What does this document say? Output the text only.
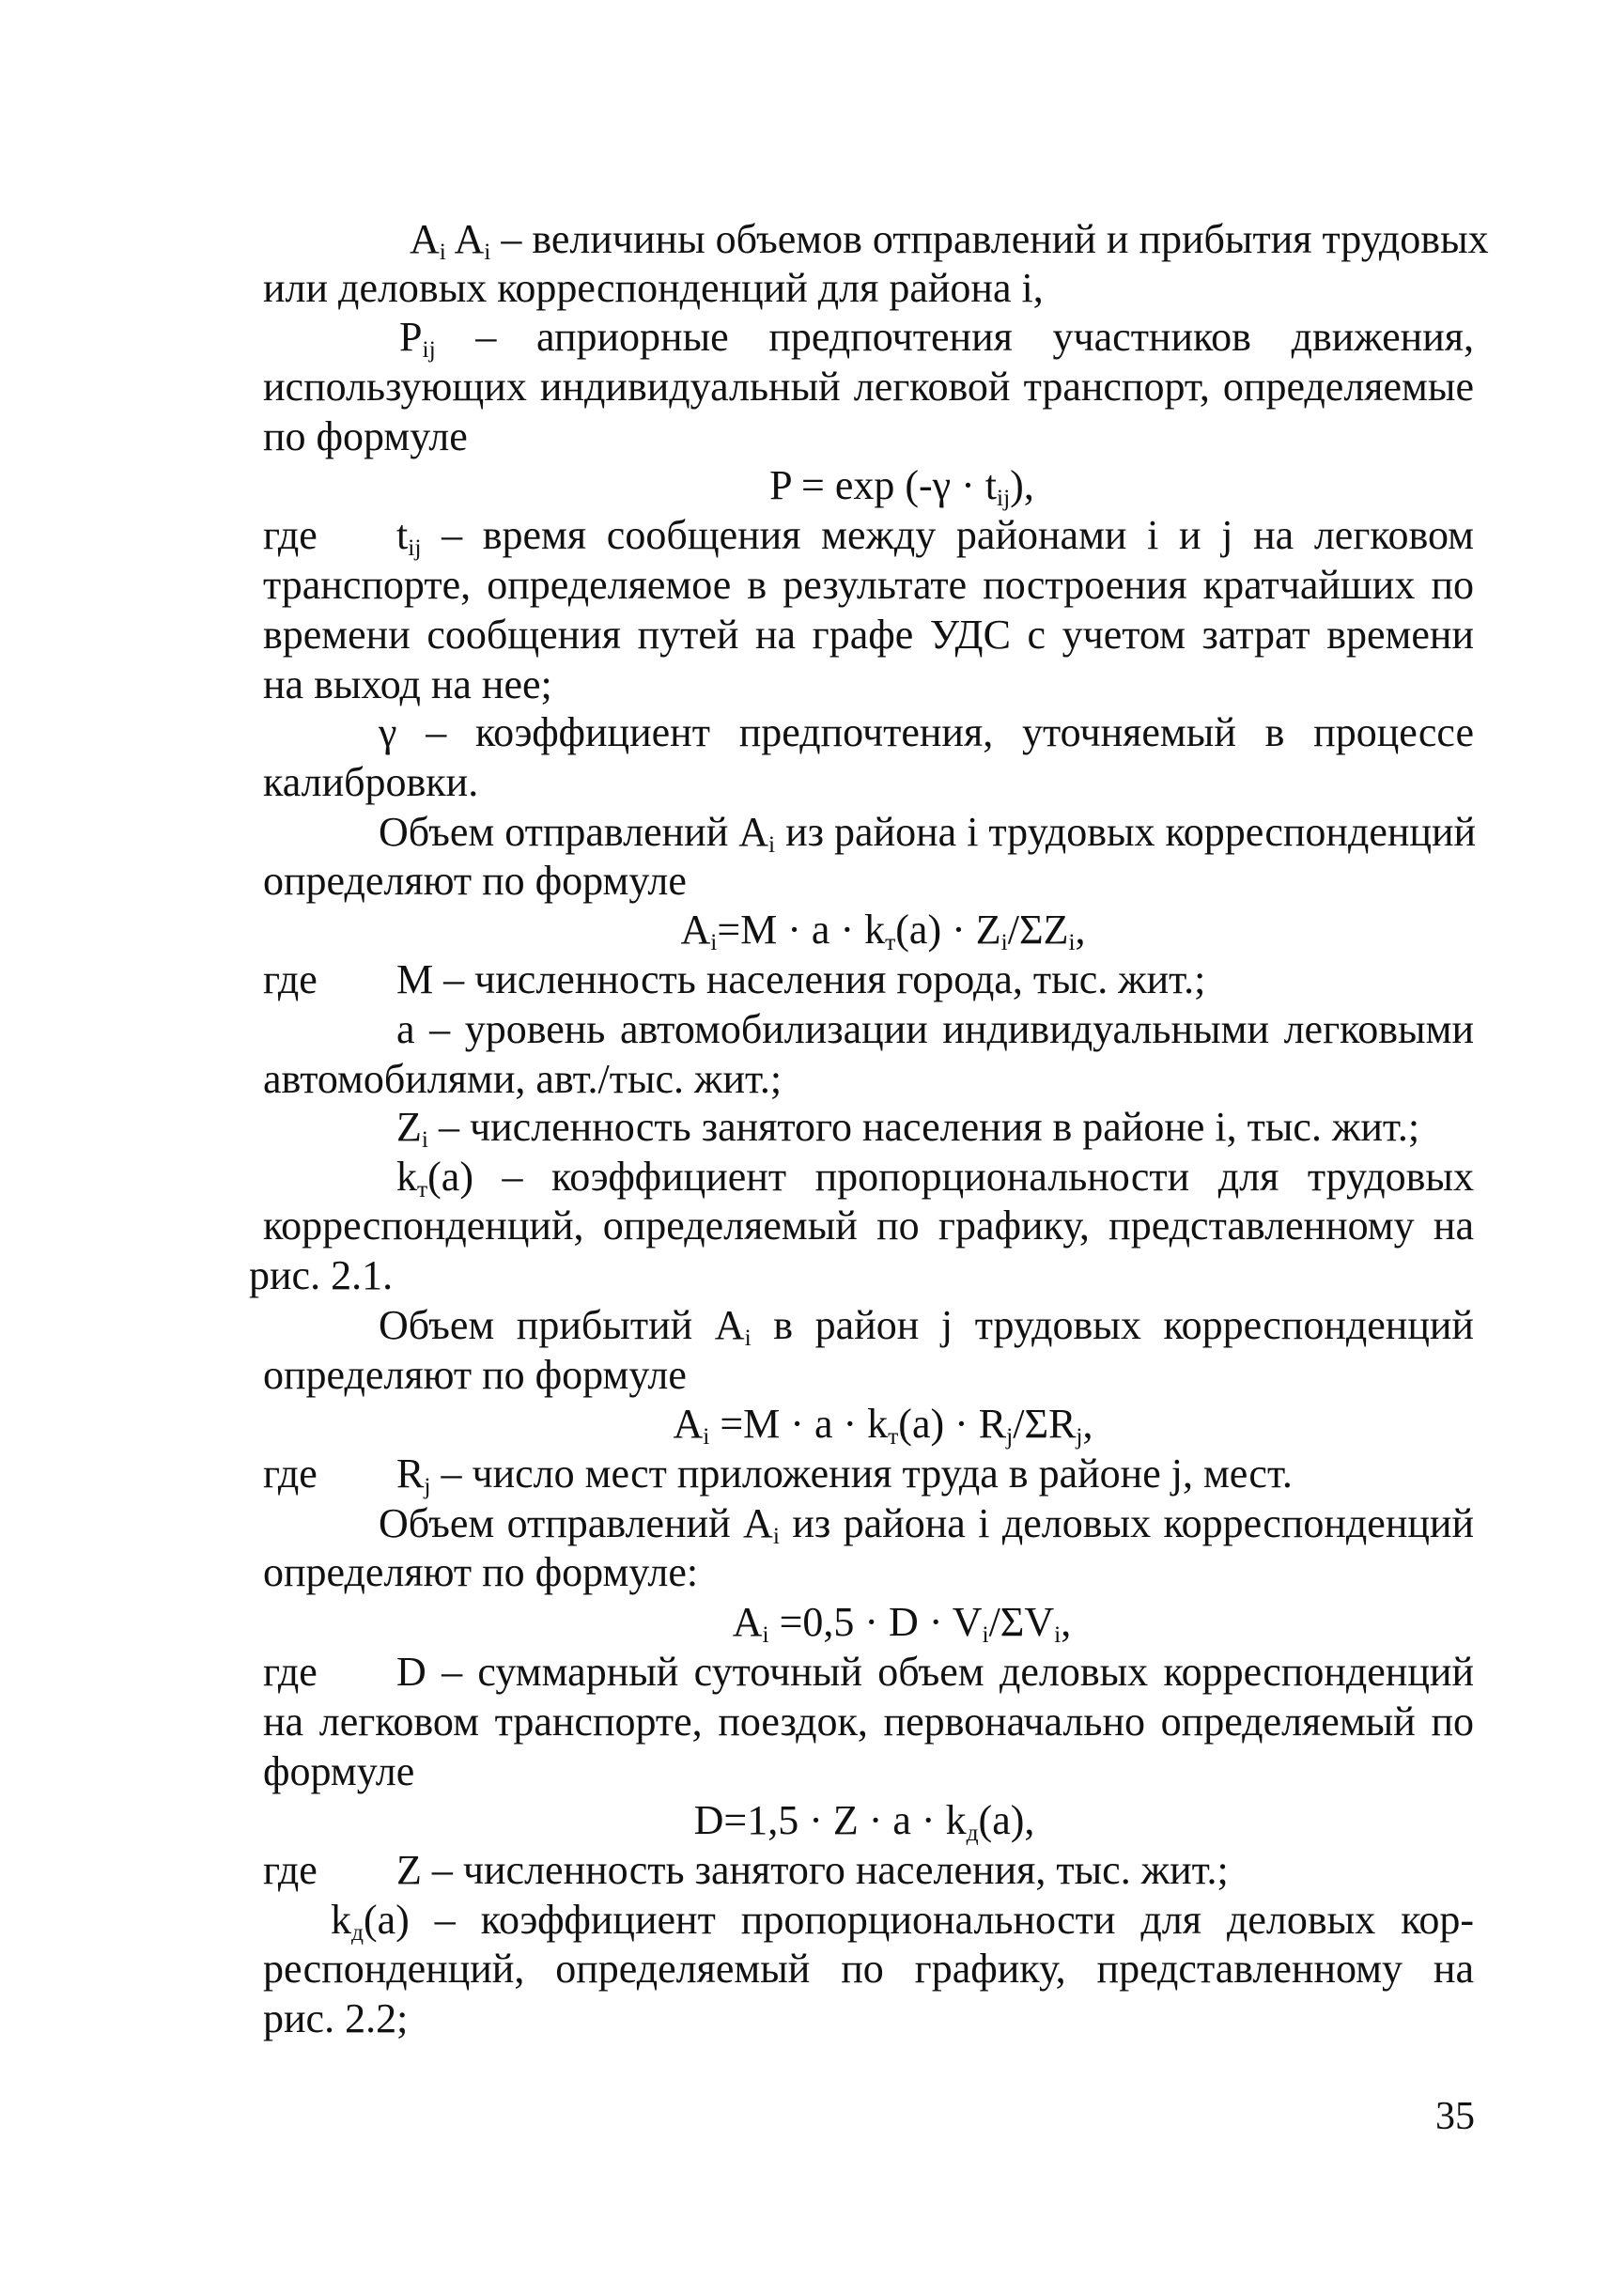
$A_i$ $A_i$ – величины объемов отправлений и прибытия трудовых
или деловых корреспонденций для района i,
$P_{ij}$ – априорные предпочтения участников движения,
использующих индивидуальный легковой транспорт, определяемые
по формуле
$P = \exp (-\gamma \cdot t_{ij})$,
где $t_{ij}$ – время сообщения между районами i и j на легковом
транспорте, определяемое в результате построения кратчайших по
времени сообщения путей на графе УДС с учетом затрат времени
на выход на нее;
γ – коэффициент предпочтения, уточняемый в процессе
калибровки.
Объем отправлений $A_i$ из района i трудовых корреспонденций
определяют по формуле
$A_i=M \cdot a \cdot k_т(a) \cdot Z_i/\Sigma Z_i$,
где M – численность населения города, тыс. жит.;
a – уровень автомобилизации индивидуальными легковыми
автомобилями, авт./тыс. жит.;
$Z_i$ – численность занятого населения в районе i, тыс. жит.;
$k_т(a)$ – коэффициент пропорциональности для трудовых
корреспонденций, определяемый по графику, представленному на
рис. 2.1.
Объем прибытий $A_i$ в район j трудовых корреспонденций
определяют по формуле
$A_i =M \cdot a \cdot k_т(a) \cdot R_j/\Sigma R_j$,
где $R_j$ – число мест приложения труда в районе j, мест.
Объем отправлений $A_i$ из района i деловых корреспонденций
определяют по формуле:
$A_i =0,5 \cdot D \cdot V_i/\Sigma V_i$,
где D – суммарный суточный объем деловых корреспонденций
на легковом транспорте, поездок, первоначально определяемый по
формуле
$D=1,5 \cdot Z \cdot a \cdot k_д(a)$,
где Z – численность занятого населения, тыс. жит.;
$k_д(a)$ – коэффициент пропорциональности для деловых кор-
респонденций, определяемый по графику, представленному на
рис. 2.2;
35
